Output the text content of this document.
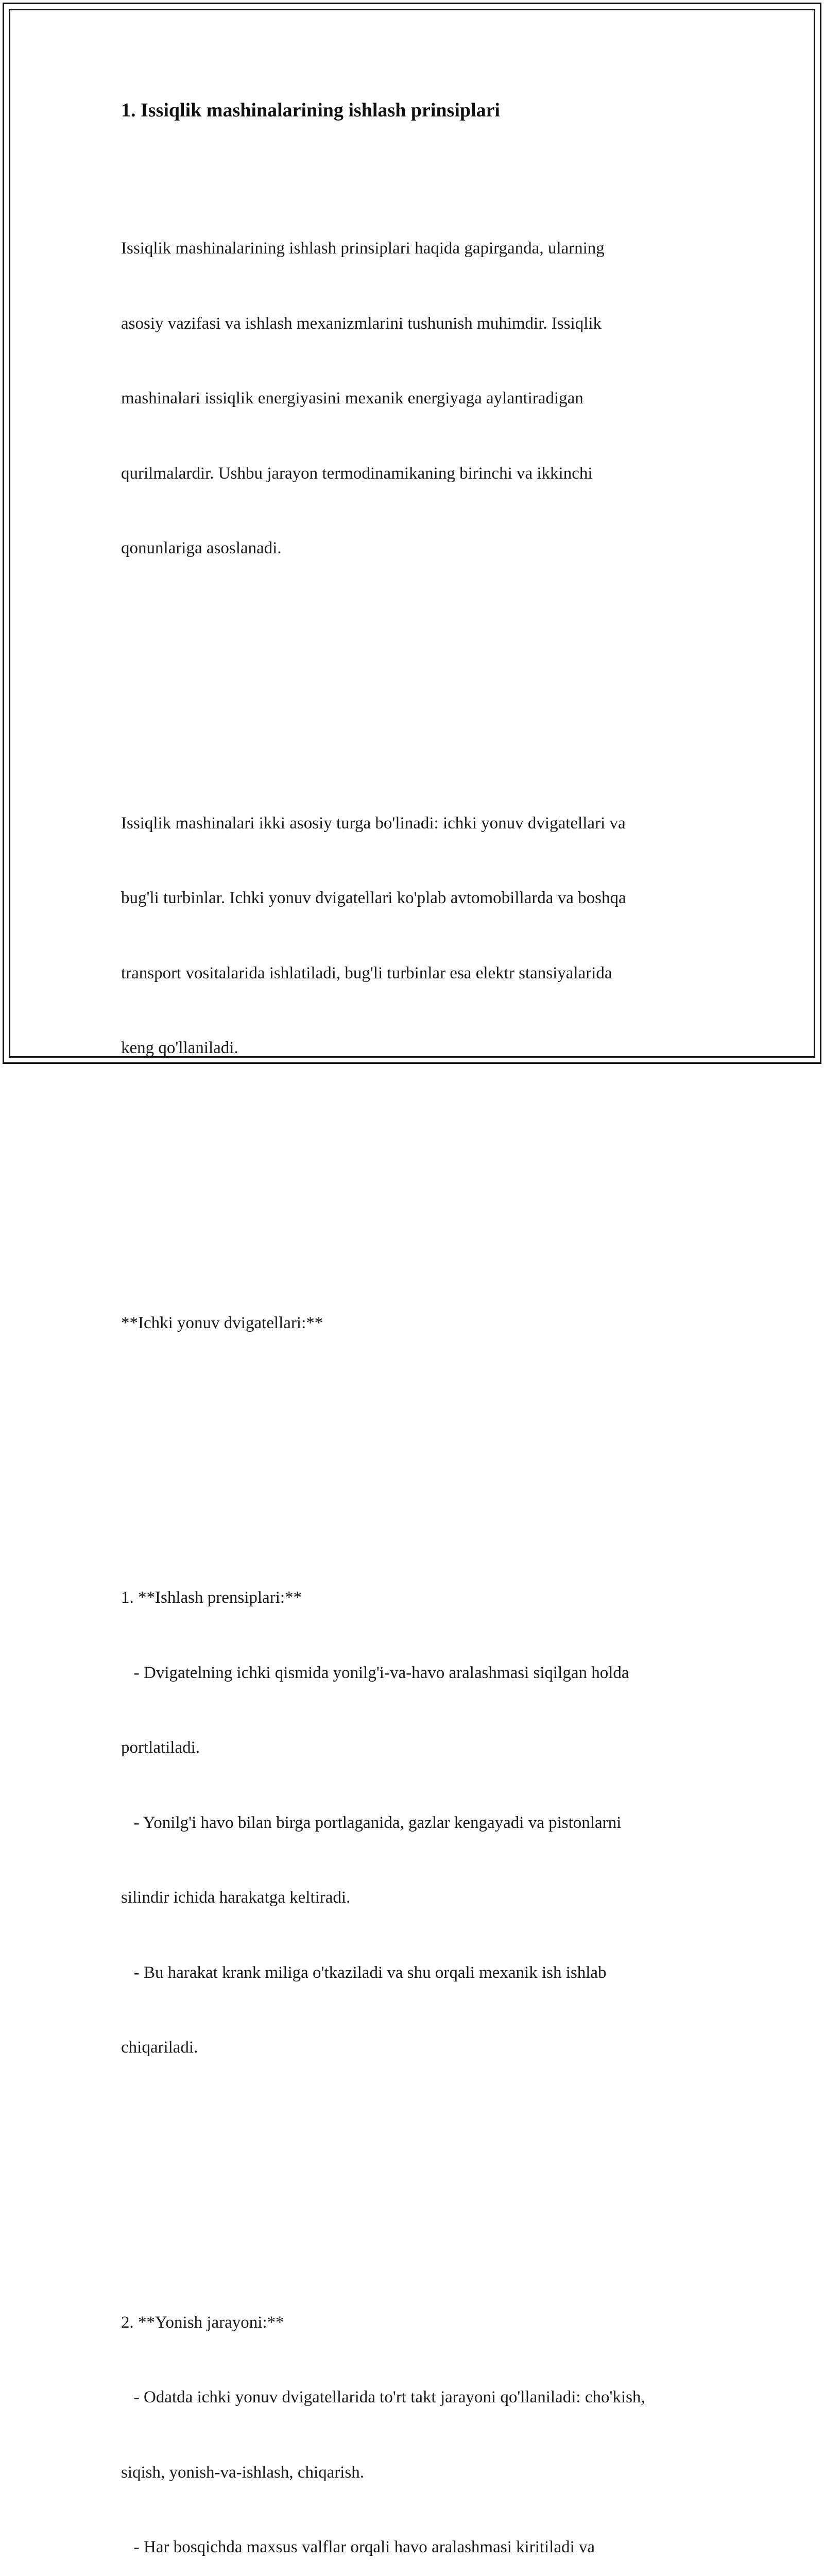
1. Issiqlik mashinalarining ishlash prinsiplari

Issiqlik mashinalarining ishlash prinsiplari haqida gapirganda, ularning

asosiy vazifasi va ishlash mexanizmlarini tushunish muhimdir. Issiqlik

mashinalari issiqlik energiyasini mexanik energiyaga aylantiradigan

qurilmalardir. Ushbu jarayon termodinamikaning birinchi va ikkinchi

qonunlariga asoslanadi.

Issiqlik mashinalari ikki asosiy turga bo'linadi: ichki yonuv dvigatellari va

bug'li turbinlar. Ichki yonuv dvigatellari ko'plab avtomobillarda va boshqa

transport vositalarida ishlatiladi, bug'li turbinlar esa elektr stansiyalarida

keng qo'llaniladi.

**Ichki yonuv dvigatellari:**

1. **Ishlash prensiplari:**

- Dvigatelning ichki qismida yonilg'i-va-havo aralashmasi siqilgan holda

portlatiladi.

- Yonilg'i havo bilan birga portlaganida, gazlar kengayadi va pistonlarni

silindir ichida harakatga keltiradi.

- Bu harakat krank miliga o'tkaziladi va shu orqali mexanik ish ishlab

chiqariladi.

2. **Yonish jarayoni:**

- Odatda ichki yonuv dvigatellarida to'rt takt jarayoni qo'llaniladi: cho'kish,

siqish, yonish-va-ishlash, chiqarish.

- Har bosqichda maxsus valflar orqali havo aralashmasi kiritiladi va
